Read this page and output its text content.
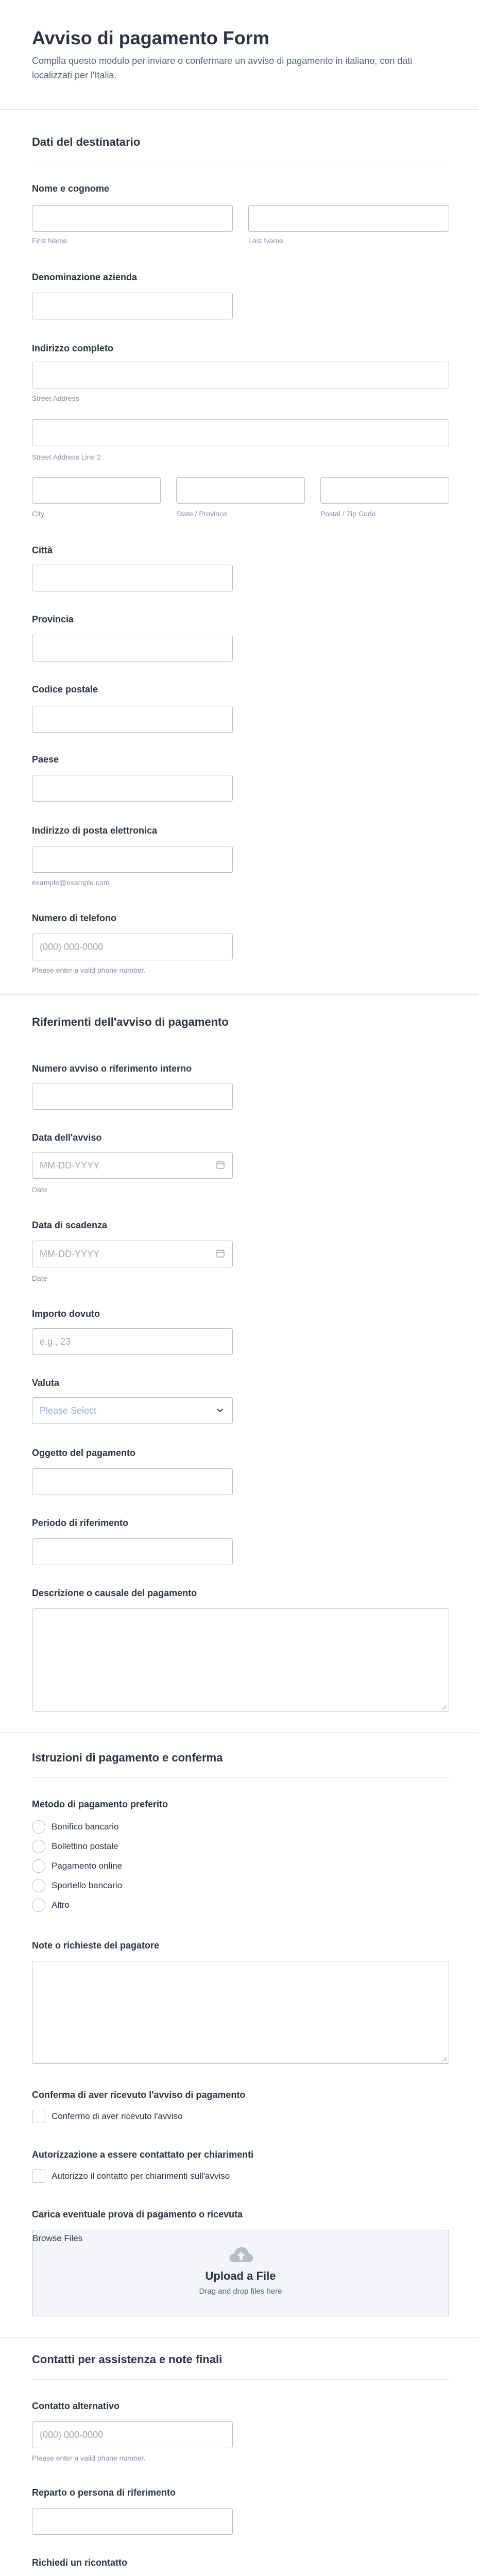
Avviso di pagamento Form
Compila questo modulo per inviare o confermare un avviso di pagamento in italiano, con dati localizzati per l'Italia.
Dati del destinatario
Nome e cognome
First Name	Last Name
Denominazione azienda
Indirizzo completo
Street Address
Street Address Line 2
City	State / Province	Postal / Zip Code
Città
Provincia
Codice postale
Paese
Indirizzo di posta elettronica
example@example.com
Numero di telefono
(000) 000-0000
Please enter a valid phone number.
Riferimenti dell'avviso di pagamento
Numero avviso o riferimento interno
Data dell'avviso
MM-DD-YYYY
Date
Data di scadenza
MM-DD-YYYY
Date
Importo dovuto
e.g., 23
Valuta
Please Select
Oggetto del pagamento
Periodo di riferimento
Descrizione o causale del pagamento
Istruzioni di pagamento e conferma
Metodo di pagamento preferito
Bonifico bancario
Bollettino postale
Pagamento online
Sportello bancario
Altro
Note o richieste del pagatore
Conferma di aver ricevuto l'avviso di pagamento
Confermo di aver ricevuto l'avviso
Autorizzazione a essere contattato per chiarimenti
Autorizzo il contatto per chiarimenti sull'avviso
Carica eventuale prova di pagamento o ricevuta
Browse Files
Upload a File
Drag and drop files here
Contatti per assistenza e note finali
Contatto alternativo
(000) 000-0000
Please enter a valid phone number.
Reparto o persona di riferimento
Richiedi un ricontatto
